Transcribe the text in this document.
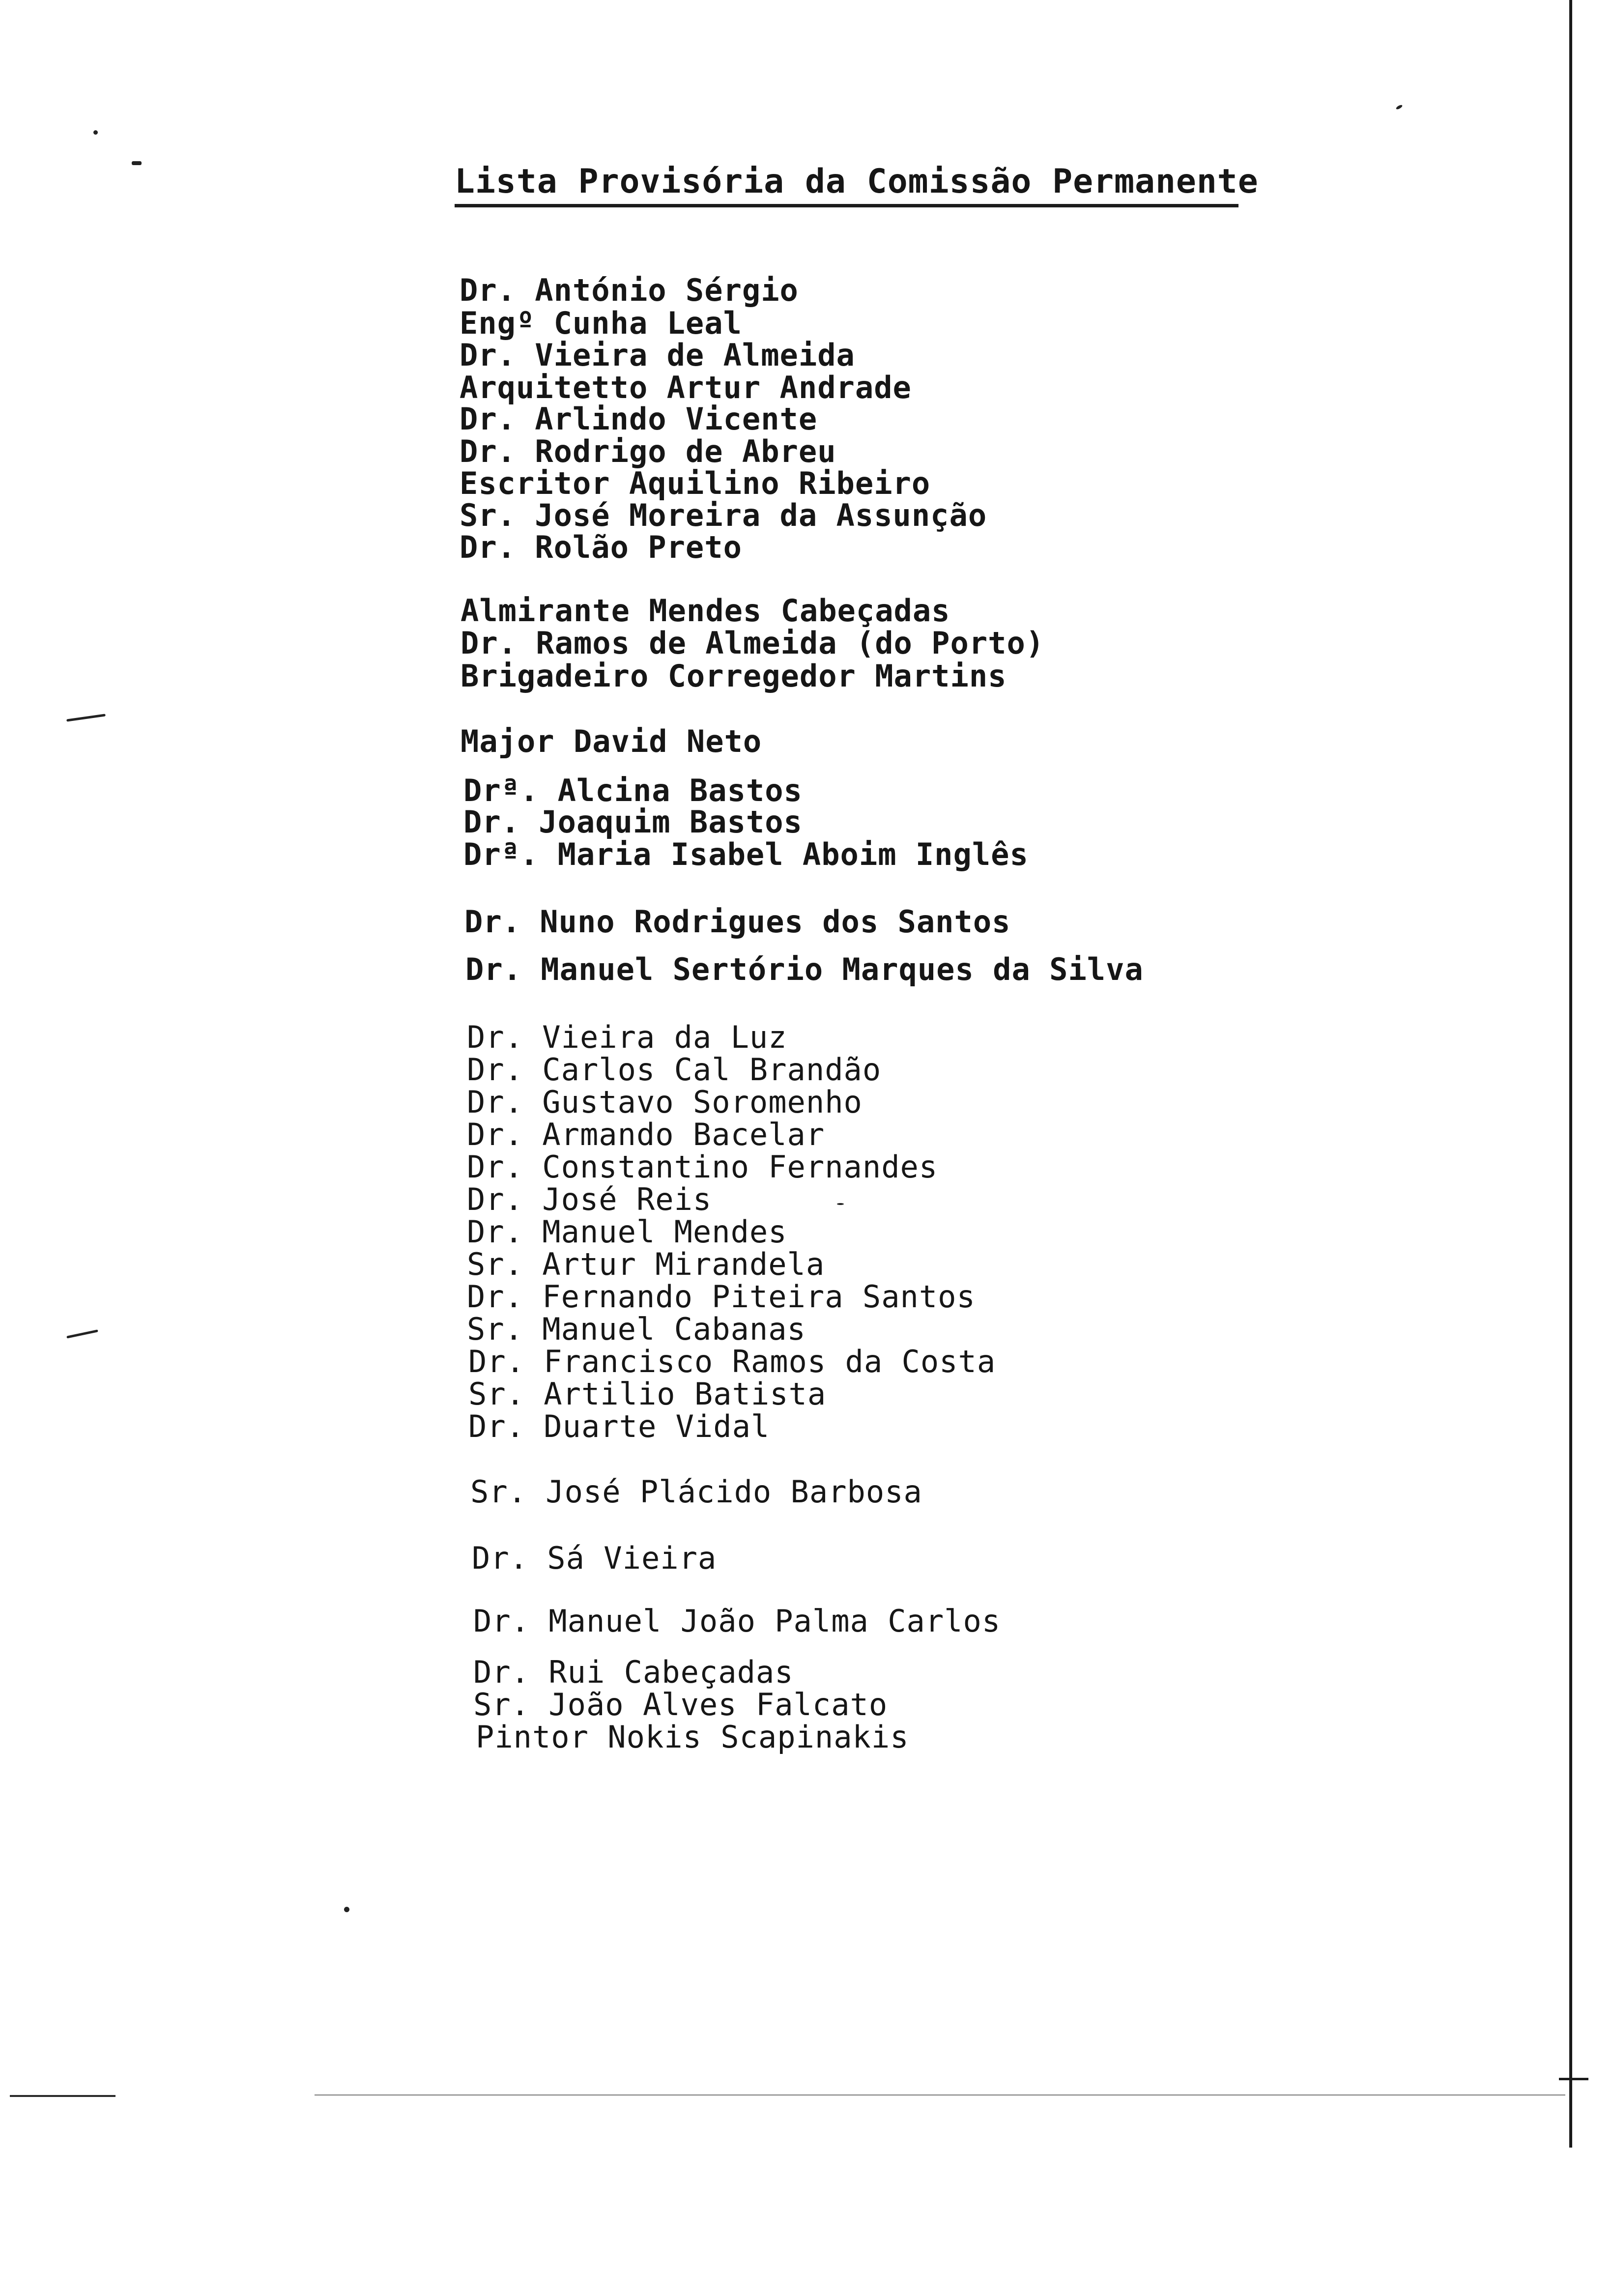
Lista Provisória da Comissão Permanente
Dr. António Sérgio
Engº Cunha Leal
Dr. Vieira de Almeida
Arquitetto Artur Andrade
Dr. Arlindo Vicente
Dr. Rodrigo de Abreu
Escritor Aquilino Ribeiro
Sr. José Moreira da Assunção
Dr. Rolão Preto
Almirante Mendes Cabeçadas
Dr. Ramos de Almeida (do Porto)
Brigadeiro Corregedor Martins
Major David Neto
Drª. Alcina Bastos
Dr. Joaquim Bastos
Drª. Maria Isabel Aboim Inglês
Dr. Nuno Rodrigues dos Santos
Dr. Manuel Sertório Marques da Silva
Dr. Vieira da Luz
Dr. Carlos Cal Brandão
Dr. Gustavo Soromenho
Dr. Armando Bacelar
Dr. Constantino Fernandes
Dr. José Reis
Dr. Manuel Mendes
Sr. Artur Mirandela
Dr. Fernando Piteira Santos
Sr. Manuel Cabanas
Dr. Francisco Ramos da Costa
Sr. Artilio Batista
Dr. Duarte Vidal
Sr. José Plácido Barbosa
Dr. Sá Vieira
Dr. Manuel João Palma Carlos
Dr. Rui Cabeçadas
Sr. João Alves Falcato
Pintor Nokis Scapinakis
